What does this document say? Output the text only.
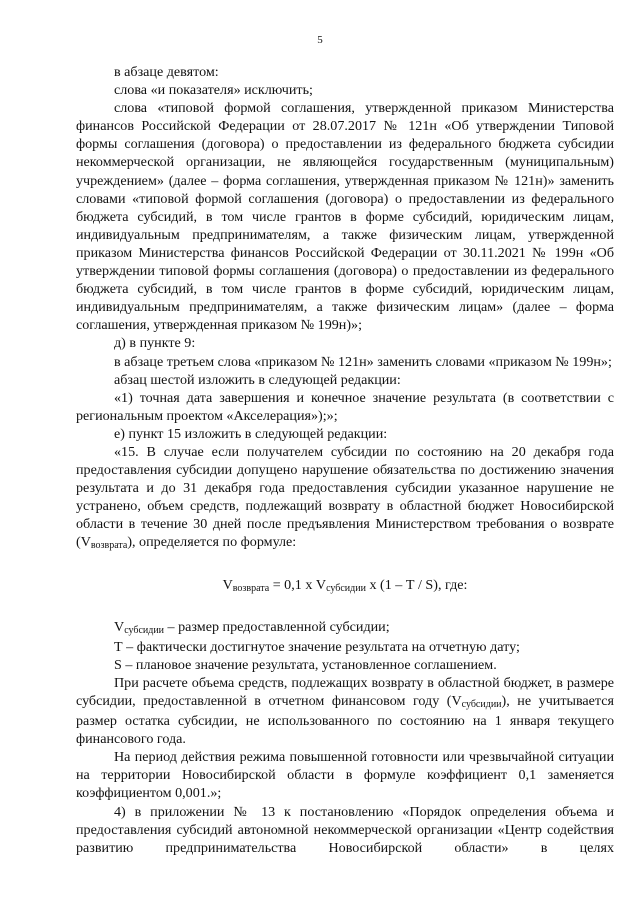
5

в абзаце девятом:

слова «и показателя» исключить;

слова «типовой формой соглашения, утвержденной приказом Министерства финансов Российской Федерации от 28.07.2017 № 121н «Об утверждении Типовой формы соглашения (договора) о предоставлении из федерального бюджета субсидии некоммерческой организации, не являющейся государственным (муниципальным) учреждением» (далее – форма соглашения, утвержденная приказом № 121н)» заменить словами «типовой формой соглашения (договора) о предоставлении из федерального бюджета субсидий, в том числе грантов в форме субсидий, юридическим лицам, индивидуальным предпринимателям, а также физическим лицам, утвержденной приказом Министерства финансов Российской Федерации от 30.11.2021 № 199н «Об утверждении типовой формы соглашения (договора) о предоставлении из федерального бюджета субсидий, в том числе грантов в форме субсидий, юридическим лицам, индивидуальным предпринимателям, а также физическим лицам» (далее – форма соглашения, утвержденная приказом № 199н)»;

д) в пункте 9:

в абзаце третьем слова «приказом № 121н» заменить словами «приказом № 199н»;

абзац шестой изложить в следующей редакции:

«1) точная дата завершения и конечное значение результата (в соответствии с региональным проектом «Акселерация»);»;

е) пункт 15 изложить в следующей редакции:

«15. В случае если получателем субсидии по состоянию на 20 декабря года предоставления субсидии допущено нарушение обязательства по достижению значения результата и до 31 декабря года предоставления субсидии указанное нарушение не устранено, объем средств, подлежащий возврату в областной бюджет Новосибирской области в течение 30 дней после предъявления Министерством требования о возврате (Vвозврата), определяется по формуле:

Vвозврата = 0,1 х Vсубсидии х (1 – Т / S), где:

Vсубсидии – размер предоставленной субсидии;

Т – фактически достигнутое значение результата на отчетную дату;

S – плановое значение результата, установленное соглашением.

При расчете объема средств, подлежащих возврату в областной бюджет, в размере субсидии, предоставленной в отчетном финансовом году (Vсубсидии), не учитывается размер остатка субсидии, не использованного по состоянию на 1 января текущего финансового года.

На период действия режима повышенной готовности или чрезвычайной ситуации на территории Новосибирской области в формуле коэффициент 0,1 заменяется коэффициентом 0,001.»;

4) в приложении № 13 к постановлению «Порядок определения объема и предоставления субсидий автономной некоммерческой организации «Центр содействия развитию предпринимательства Новосибирской области» в целях
